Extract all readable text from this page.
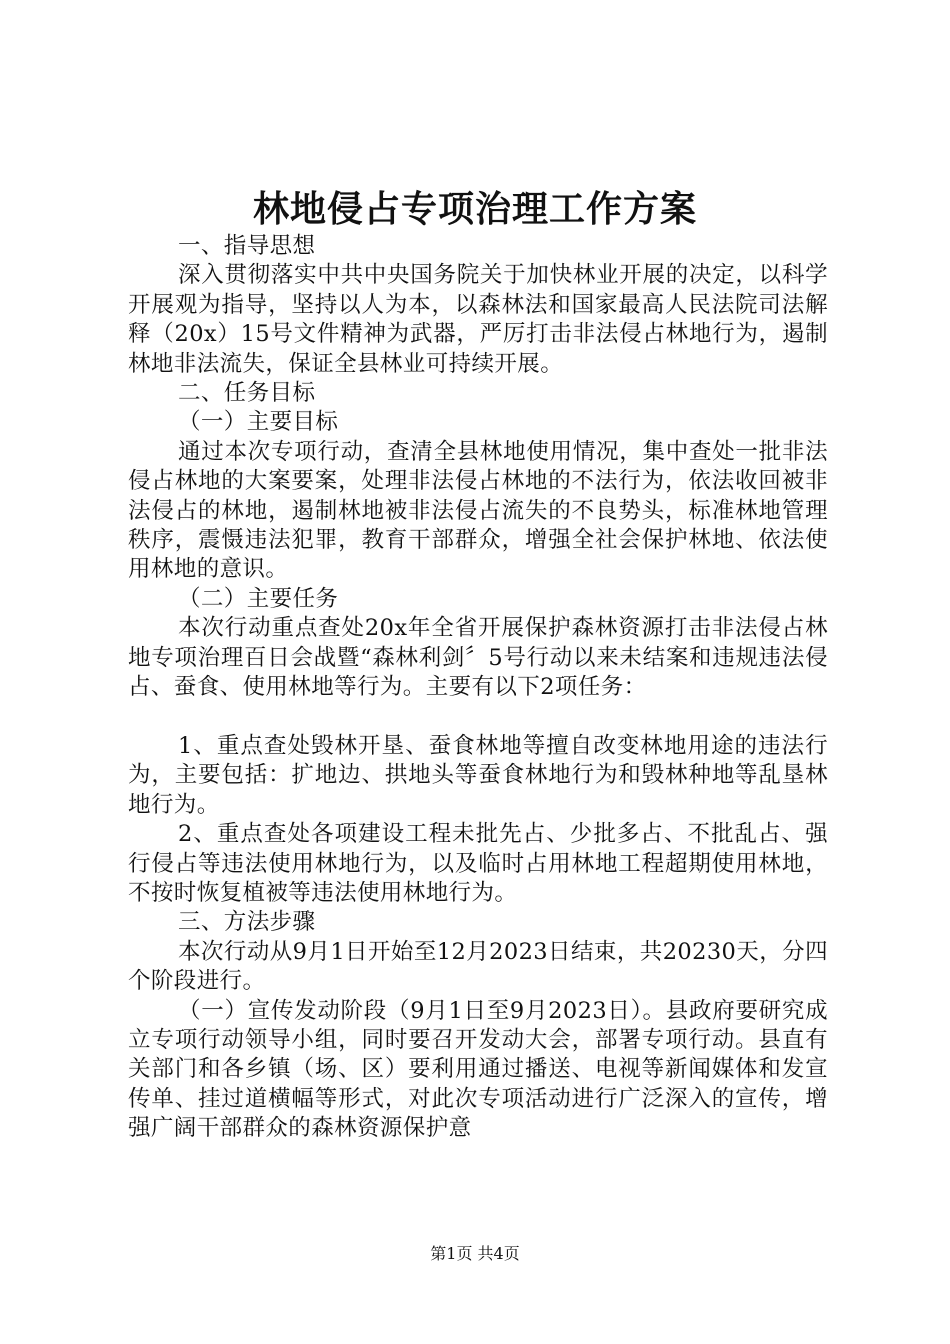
林地侵占专项治理工作方案

一、指导思想

深入贯彻落实中共中央国务院关于加快林业开展的决定，以科学开展观为指导，坚持以人为本，以森林法和国家最高人民法院司法解释（20x）15号文件精神为武器，严厉打击非法侵占林地行为，遏制林地非法流失，保证全县林业可持续开展。

二、任务目标

（一）主要目标

通过本次专项行动，查清全县林地使用情况，集中查处一批非法侵占林地的大案要案，处理非法侵占林地的不法行为，依法收回被非法侵占的林地，遏制林地被非法侵占流失的不良势头，标准林地管理秩序，震慑违法犯罪，教育干部群众，增强全社会保护林地、依法使用林地的意识。

（二）主要任务

本次行动重点查处20x年全省开展保护森林资源打击非法侵占林地专项治理百日会战暨“森林利剑〞5号行动以来未结案和违规违法侵占、蚕食、使用林地等行为。主要有以下2项任务：

1、重点查处毁林开垦、蚕食林地等擅自改变林地用途的违法行为，主要包括：扩地边、拱地头等蚕食林地行为和毁林种地等乱垦林地行为。

2、重点查处各项建设工程未批先占、少批多占、不批乱占、强行侵占等违法使用林地行为，以及临时占用林地工程超期使用林地，不按时恢复植被等违法使用林地行为。

三、方法步骤

本次行动从9月1日开始至12月2023日结束，共20230天，分四个阶段进行。

（一）宣传发动阶段（9月1日至9月2023日）。县政府要研究成立专项行动领导小组，同时要召开发动大会，部署专项行动。县直有关部门和各乡镇（场、区）要利用通过播送、电视等新闻媒体和发宣传单、挂过道横幅等形式，对此次专项活动进行广泛深入的宣传，增强广阔干部群众的森林资源保护意

第1页 共4页
